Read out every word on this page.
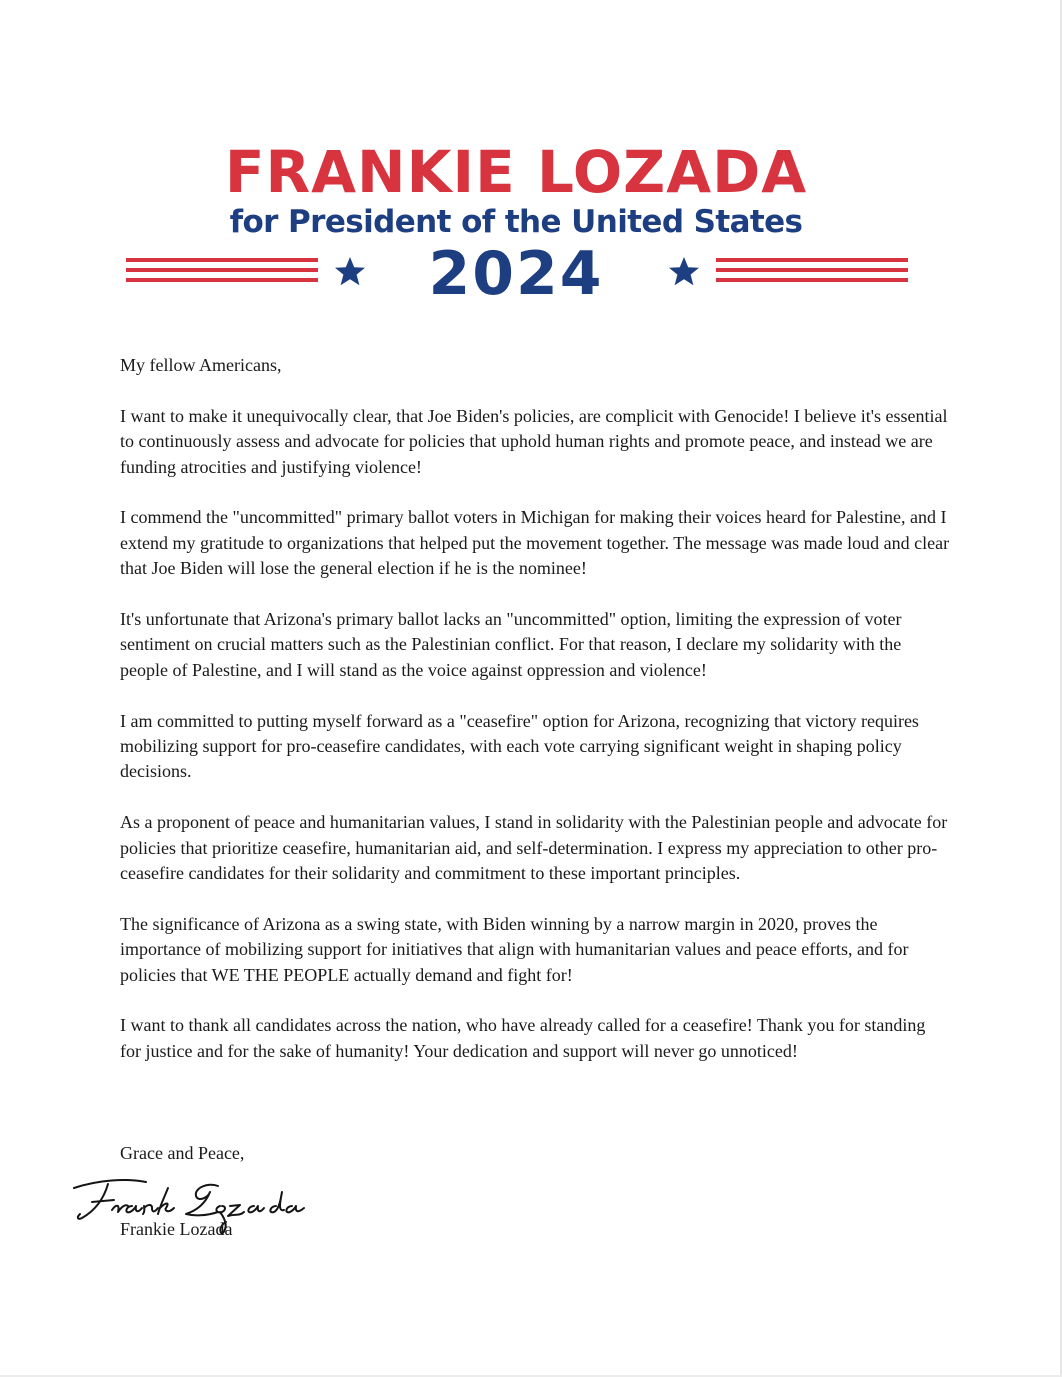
FRANKIE LOZADA
for President of the United States
2024

My fellow Americans,

I want to make it unequivocally clear, that Joe Biden's policies, are complicit with Genocide! I believe it's essential to continuously assess and advocate for policies that uphold human rights and promote peace, and instead we are funding atrocities and justifying violence!

I commend the "uncommitted" primary ballot voters in Michigan for making their voices heard for Palestine, and I extend my gratitude to organizations that helped put the movement together. The message was made loud and clear that Joe Biden will lose the general election if he is the nominee!

It's unfortunate that Arizona's primary ballot lacks an "uncommitted" option, limiting the expression of voter sentiment on crucial matters such as the Palestinian conflict. For that reason, I declare my solidarity with the people of Palestine, and I will stand as the voice against oppression and violence!

I am committed to putting myself forward as a "ceasefire" option for Arizona, recognizing that victory requires mobilizing support for pro-ceasefire candidates, with each vote carrying significant weight in shaping policy decisions.

As a proponent of peace and humanitarian values, I stand in solidarity with the Palestinian people and advocate for policies that prioritize ceasefire, humanitarian aid, and self-determination. I express my appreciation to other pro-ceasefire candidates for their solidarity and commitment to these important principles.

The significance of Arizona as a swing state, with Biden winning by a narrow margin in 2020, proves the importance of mobilizing support for initiatives that align with humanitarian values and peace efforts, and for policies that WE THE PEOPLE actually demand and fight for!

I want to thank all candidates across the nation, who have already called for a ceasefire! Thank you for standing for justice and for the sake of humanity! Your dedication and support will never go unnoticed!

Grace and Peace,
Frankie Lozada
